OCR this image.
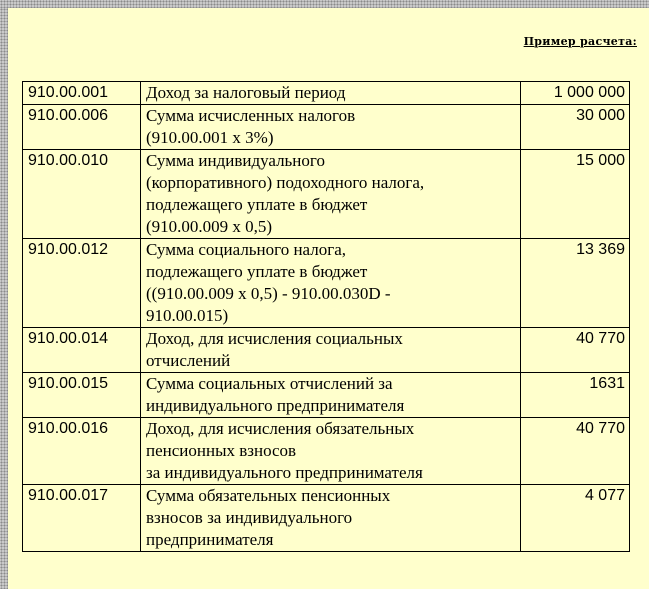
Пример расчета:
910.00.001	Доход за налоговый период	1 000 000
910.00.006	Сумма исчисленных налогов
(910.00.001 x 3%)	30 000
910.00.010	Сумма индивидуального
(корпоративного) подоходного налога,
подлежащего уплате в бюджет
(910.00.009 x 0,5)	15 000
910.00.012	Сумма социального налога,
подлежащего уплате в бюджет
((910.00.009 x 0,5) - 910.00.030D -
910.00.015)	13 369
910.00.014	Доход, для исчисления социальных
отчислений	40 770
910.00.015	Сумма социальных отчислений за
индивидуального предпринимателя	1631
910.00.016	Доход, для исчисления обязательных
пенсионных взносов
за индивидуального предпринимателя	40 770
910.00.017	Сумма обязательных пенсионных
взносов за индивидуального
предпринимателя	4 077
